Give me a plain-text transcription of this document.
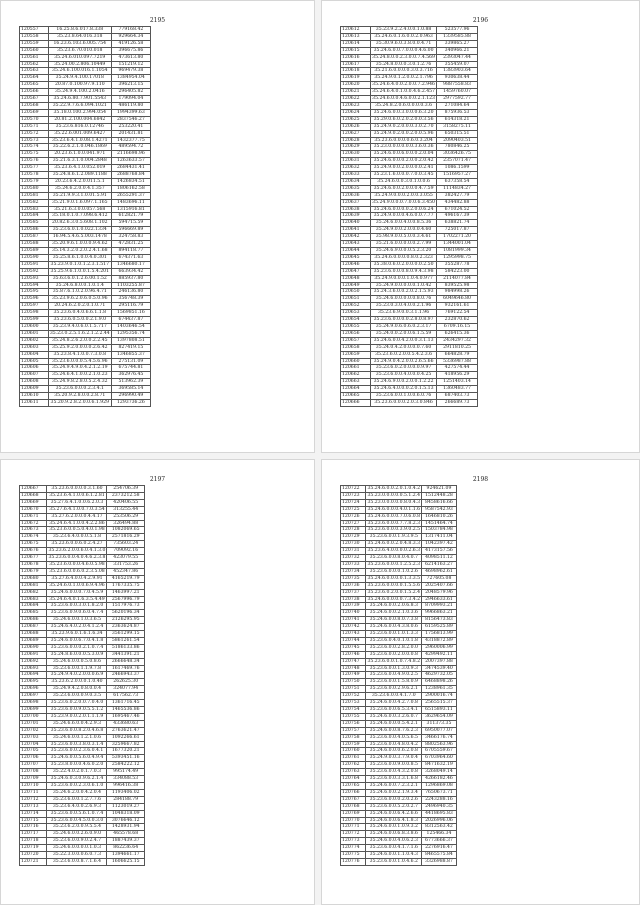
2195
120557	16.25.8.6.017.8.338	779168.42
120558	35.23.8.64.016.318	929664.34
120559	16.23.6.103.6.005.754	419126.58
120560	35.23.6.70.010.018	396675.86
120561	35.24.6.010.097.7219	473613.80
120562	35.24.00.2.806.10449	151219.12
120563	35.24.6.100.016.1.1054	969479.38
120564	35.24.9.4.100.17018	1384954.04
120565	20.87.0.100.97.9.110	396213.15
120566	35.24.9.4.100.2.0416	296405.82
120567	35.24.6.80.7.901.5543	179094.04
120568	35.22.9.7.6.6.094.1021	486119.80
120569	35.18.0.100.2.994.054	1994399.63
120570	20.81.2.100.004.6842	2837546.27
120571	35.23.6.816.0.12746	253220.41
120572	35.22.6.001.009.6427	201431.81
120573	35.23.6.4.1.0.08.1.4271	1432377.75
120574	35.22.6.2.1.0.046.1869	489594.72
120575	20.23.6.1.0.0.041.971	2116698.96
120576	35.21.6.3.1.0.004.2848	1263633.57
120577	35.23.6.4.1.0.052.019	2684431.41
120578	35.24.8.6.1.2.089.1188	2688768.84
120579	20.23.6.4.2.0.011.5.1	1426834.51
120580	35.24.6.2.0.0.4.1.357	1806162.58
120581	35.21.9.9.3.1.0.01.5.91	2655291.37
120582	35.21.9.0.1.6.097.1.165	1483696.11
120583	35.21.6.3.0.0.057.568	1315916.81
120584	35.18.0.1.0.7.098.6.412	612821.79
120585	20.82.6.3.0.5.608.1.102	594715.59
120586	35.23.6.0.1.0.022.1334	596669.89
120587	16.94.5.4.6.5.003.1478	324758.83
120588	35.20.9.6.1.0.0.0.9.4.62	472831.25
120589	35.14.3.2.0.2.0.2.4.1.68	894118.77
120590	35.25.8.6.1.0.0.4.0.301	674371.63
120591	35.23.9.0.1.0.1.2.3.1.517	1346680.17
120592	35.25.9.6.1.0.0.1.5.4.201	663934.42
120593	35.63.6.0.1.2.6.00.1.52	885937.80
120594	35.24.6.8.0.0.1.0.1.4	1103255.87
120595	35.87.6.1.0.2.0.96.4.71	246136.80
120596	35.23.9.6.2.0.6.0.5.0.96	356748.39
120597	20.24.6.2.0.2.0.1.0.71	295116.79
120598	35.23.6.0.4.0.6.6.1.1.8	1569851.16
120599	35.23.6.0.5.0.0.2.1.9.0	674437.87
120600	35.23.9.4.0.6.0.1.5.717	1403646.54
120601	35.23.0.2.5.1.6.2.1.2.2.44	1295356.74
120602	35.24.8.2.6.2.0.0.2.2.45	1397808.51
120603	35.25.9.2.0.0.0.0.2.6.42	827419.15
120604	35.23.8.4.1.0.0.7.3.0.8	1346855.37
120605	35.23.6.0.0.0.5.4.5.6.96	275131.09
120606	35.24.9.4.9.0.4.2.1.2.19	675744.81
120607	35.24.6.4.1.0.0.2.1.0.23	362976.45
120608	35.24.9.8.2.8.0.5.2.4.32	513962.39
120609	35.23.6.0.0.0.2.3.4.1	369585.14
120610	35.20.9.2.8.0.0.2.8.71	296990.49
120611	35.20.9.2.8.2.0.0.6.1.929	1293736.26
2196
120612	35.23.9.2.2.4.0.0.1.0.88	523577.96
120613	35.24.6.0.1.6.0.0.2.0.963	1339585.88
120614	35.30.9.6.0.3.8.0.0.4.71	339865.27
120615	35.24.6.0.0.7.0.0.0.4.6.00	340966.21
120616	35.24.8.0.0.2.3.0.0.7.4.569	2393047.44
120617	35.24.8.0.0.0.3.0.1.2.76	355459.07
120618	35.21.6.0.0.0.0.3.0.3.716	1383903.64
120619	35.24.9.0.1.2.0.0.2.1.796	930638.44
120620	35.24.6.4.0.0.2.0.0.7.2.946	9887558.83
120621	35.24.6.4.0.1.0.0.4.6.2.457	1459760.07
120622	35.24.6.0.0.4.6.0.0.2.1.123	2977592.77
120623	35.24.8.2.0.6.0.0.0.0.3.6	271084.64
120624	35.24.6.0.0.3.0.0.0.6.3.20	875936.53
120625	35.29.0.6.0.2.0.2.0.0.3.56	614318.21
120626	35.24.9.0.2.0.0.0.3.0.2.70	3158275.11
120627	35.24.9.0.2.0.0.2.0.0.5.96	650315.51
120628	35.23.6.0.0.0.0.6.0.3.204	2090403.51
120629	35.23.0.0.0.0.0.0.3.6.0.36	780846.25
120630	35.24.6.0.0.6.0.0.0.2.0.04	3036426.75
120631	35.24.6.0.0.0.2.0.0.2.0.42	2357071.47
120632	35.24.9.0.0.2.0.0.0.0.2.41	1086.1599
120633	35.23.1.6.0.0.0.7.0.0.3.45	1516957.27
120634	35.24.6.0.0.3.0.1.0.0.6	637358.54
120635	35.24.6.0.0.2.0.0.0.4.7.59	1114834.27
120636	35.24.9.0.0.0.2.0.0.3.055	382427.79
120637	35.24.9.0.0.0.7.0.0.6.3.450	434482.88
120638	35.24.6.0.0.0.0.2.0.0.6.24	671024.52
120639	35.24.9.0.0.0.4.6.0.0.7.77	496167.39
120640	35.24.6.0.0.4.0.0.8.5.36	638821.74
120641	35.24.9.0.0.2.0.0.0.4.60	725017.87
120642	35.98.9.0.0.5.0.0.3.4.61	1702271.20
120643	35.21.6.0.0.0.0.0.2.7.99	1344001.04
120644	35.24.6.9.0.0.0.5.2.3.20	1081999.34
120645	35.24.6.0.0.0.0.8.0.2.323	1295998.75
120646	35.38.0.6.0.2.0.0.0.0.2.50	355287.78
120647	35.23.6.0.0.0.8.0.9.4.3.98	584223.00
120648	35.24.9.0.0.0.1.0.4.0.977	2114077.84
120649	35.24.9.0.0.0.0.0.1.0.42	839525.98
120650	35.24.3.6.0.0.2.0.2.1.5.93	984998.26
120651	35.24.6.0.0.0.0.0.8.0.76	6049646.80
120652	35.23.0.3.0.4.0.0.2.1.96	932161.61
120653	35.23.6.9.0.0.3.1.1.96	769122.54
120654	35.23.6.0.0.0.0.2.8.0.8.97	232870.62
120655	35.24.9.0.6.0.6.0.2.3.17	6709.16.15
120656	35.24.0.0.2.0.0.6.1.5.59	626415.36
120657	35.24.6.0.0.4.2.0.0.3.1.13	2434297.32
120658	35.24.0.4.2.0.0.0.0.7.60	2911810.25
120659	35.23.6.0.2.0.0.5.4.2.3.6	664828.79
120660	35.24.9.0.4.2.0.0.2.6.5.66	5336987.88
120661	35.23.6.0.2.0.0.0.0.9.97	427574.44
120662	35.23.6.0.0.4.0.0.0.4.25	418956.29
120663	35.24.6.9.0.0.2.0.0.1.2.22	1251403.14
120664	35.24.6.4.0.0.0.2.0.1.5.13	1360483.77
120665	35.23.6.0.0.1.0.0.6.0.76	687403.73
120666	35.23.6.0.0.0.2.0.3.0.846	266689.73
2197
120667	35.23.6.0.0.0.0.3.1.60	254706.39
120668	35.23.6.4.1.0.0.6.1.2.81	2373212.58
120669	35.27.6.4.1.0.0.6.2.0.3	420406.55
120670	35.27.6.4.1.0.0.7.0.3.54	313255.44
120671	35.27.6.2.0.0.0.4.4.17	253506.29
120672	35.24.6.4.1.0.0.4.2.2.86	326494.88
120673	35.23.6.0.0.5.0.4.0.1.98	1082069.65
120674	35.23.6.4.0.0.0.5.1.8	2571816.29
120675	35.23.6.0.0.6.0.2.4.27	735603.24
120676	35.23.6.2.0.0.6.0.4.1.3.0	709092.16
120677	35.23.6.0.0.4.0.4.6.2.3.8	423079.55
120678	35.23.6.0.0.0.4.6.0.5.98	331753.26
120679	35.23.6.0.0.6.0.2.3.5.08	452347.86
120680	35.27.6.4.0.0.4.2.9.91	4165219.79
120681	35.24.6.0.1.0.0.6.9.4.96	1767335.75
120682	35.24.6.0.0.0.7.0.4.5.9	1463997.21
120683	35.24.6.4.0.1.6.3.5.4.49	2567996.79
120684	35.23.6.0.0.3.0.1.8.2.0	1517976.73
120685	35.23.6.0.9.0.6.0.4.7.4	5620196.34
120686	35.24.6.0.0.1.0.3.6.5	2126295.95
120687	35.24.6.4.0.2.0.4.1.2.4	2363624.87
120688	35.23.9.6.0.1.6.1.6.34	3561299.15
120689	35.24.6.0.0.6.7.0.4.1.8	5861261.54
120690	35.23.6.0.0.0.2.1.0.7.4	5186133.86
120691	35.24.8.6.0.0.0.5.3.0.9	3441391.21
120692	35.24.6.0.0.0.5.0.8.6	2666648.34
120693	35.23.6.0.0.1.1.9.7.8	1617469.76
120694	35.24.9.4.0.2.0.0.0.6.9	2466943.37
120695	35.23.6.2.0.0.0.1.0.40	262625.30
120696	35.24.9.4.2.0.8.0.0.4	324077.94
120697	35.23.6.0.0.0.9.0.3.5	617562.73
120698	35.23.6.0.2.0.0.7.0.4.0	1361716.45
120699	35.23.6.0.0.9.0.5.5.1.2	1465536.86
120700	35.23.9.0.0.2.0.1.1.1.9	1695467.46
120701	35.24.6.6.0.0.4.2.9.3	433680.63
120702	35.23.6.0.0.8.2.0.4.6.8	2763621.47
120703	35.24.6.0.0.1.2.1.0.6	1092266.61
120704	35.23.6.0.0.3.8.0.3.1.4	3259667.82
120705	35.23.6.0.0.2.3.6.0.4.1	1677320.21
120706	35.24.6.0.0.5.6.0.4.9.4	5393451.16
120707	35.23.8.0.0.0.4.6.0.2.0	2584222.12
120708	35.22.4.0.2.0.1.7.0.3	995174.49
120709	35.24.6.0.3.0.9.6.2.1.4	334088.53
120710	35.23.6.0.0.2.3.0.6.1.0	996416.38
120711	35.24.6.2.0.0.4.2.0.4	1193406.02
120712	35.23.6.0.0.1.2.7.7.6	284188.79
120713	35.23.6.4.0.0.2.6.9.3	1123019.27
120714	35.23.6.0.0.5.6.1.0.7.4	1048318.09
120715	35.23.6.0.0.4.5.0.0.3.0	3076646.12
120716	35.23.6.2.0.0.9.5.5.4	1428931.94
120717	35.24.6.0.0.2.6.0.9.0	465578.68
120718	35.23.6.0.0.9.0.2.4.7	1887439.37
120719	35.24.6.0.0.0.0.1.0.3	862236.64
120720	35.22.3.0.0.0.6.0.7.3	1394661.17
120721	35.23.6.0.0.8.7.1.6.4	1606625.15
2198
120722	35.24.6.0.0.2.0.1.0.4.2	924621.09
120723	35.23.0.0.0.0.0.5.1.2.4	1512448.28
120724	35.23.0.0.0.0.0.8.0.4.3	8458616.66
120725	35.24.6.0.0.0.4.0.1.1.6	9587542.93
120726	35.24.6.0.0.0.7.0.6.0.8	1646810.26
120727	35.23.6.0.0.0.7.7.8.2.3	1451464.74
120728	35.23.6.0.0.0.3.9.0.2.5	1503784.98
120729	35.23.6.0.0.1.9.3.9.5	1317411.04
120730	35.24.6.0.0.2.0.4.8.3.3	1042397.42
120731	35.23.6.4.0.0.0.0.2.6.3	4173157.56
120732	35.23.6.0.0.8.0.4.0.7	4098511.12
120733	35.23.6.0.0.0.1.2.5.2.3	6214163.27
120734	35.23.6.0.0.0.1.0.2.6	4698962.61
120735	35.24.6.0.0.0.0.1.3.3.5	727605.08
120736	35.23.6.0.0.0.0.1.5.5.6	2025407.66
120737	35.23.6.0.2.0.0.1.5.2.4	2048579.96
120738	35.24.6.0.0.0.0.7.3.4.2	2946633.61
120739	35.24.6.0.0.2.0.6.8.3	8709993.21
120740	35.24.6.0.0.2.1.0.3.6	9966863.21
120741	35.24.6.0.0.8.0.7.3.8	8156473.83
120742	35.24.6.0.0.4.3.8.0.6	6159525.89
120743	35.23.6.0.0.1.0.1.3.3	1756813.99
120744	35.23.6.0.4.0.1.0.1.8	4318872.89
120745	35.23.6.0.0.2.8.2.0.0	2960006.99
120746	35.23.6.0.0.2.0.0.0.8	4299492.11
120747	35.23.6.0.0.1.0.7.4.8.2	2007397.88
120748	35.23.6.0.0.1.3.0.9.3	3474539.40
120749	35.23.6.0.0.4.9.0.2.5	4629732.05
120750	35.23.6.0.0.1.5.8.0.9	6468898.26
120751	35.23.6.0.0.2.9.6.2.1	1238961.35
120752	35.23.6.0.0.4.1.7.0	2900016.74
120753	35.24.6.0.0.4.2.7.0.8	2565515.37
120754	35.23.6.0.0.6.5.3.4.1	6515893.11
120755	35.24.6.0.0.3.2.6.0.7	3629654.09
120756	35.24.6.0.0.0.5.4.2.1	311373.35
120757	35.24.6.0.0.8.7.6.2.3	6950077.07
120758	35.23.6.0.0.4.0.5.6.5	3466176.74
120759	35.23.6.0.0.4.8.0.4.2	8802563.96
120760	35.24.6.0.0.0.6.2.0.8	6705559.67
120761	35.24.9.0.0.3.7.9.0.4	6703964.60
120762	35.23.6.0.0.9.0.0.8.5	8471632.19
120763	35.23.6.0.0.4.3.2.0.8	3268049.14
120764	35.23.6.0.0.3.3.1.6.8	4266182.46
120765	35.24.6.0.0.7.2.3.2.1	1296869.08
120766	35.24.6.0.0.2.1.9.3.4	7650673.71
120767	35.23.6.0.0.0.2.0.2.6	2243288.16
120768	35.23.6.0.0.5.2.0.2.7	2496940.35
120769	35.24.6.0.0.6.4.2.6.6	4418695.83
120770	35.24.6.0.0.6.4.1.8.3	2026996.06
120771	35.24.6.0.0.1.0.9.3.2	8312563.42
120772	35.24.6.0.0.6.8.3.8.6	125466.34
120773	35.24.6.0.0.4.0.6.2.3	6773666.37
120774	35.23.6.0.0.4.1.7.1.6	2276916.47
120775	35.24.6.0.0.1.1.0.4.3	8465575.84
120776	35.23.6.0.0.1.0.4.6.2	3326988.87
